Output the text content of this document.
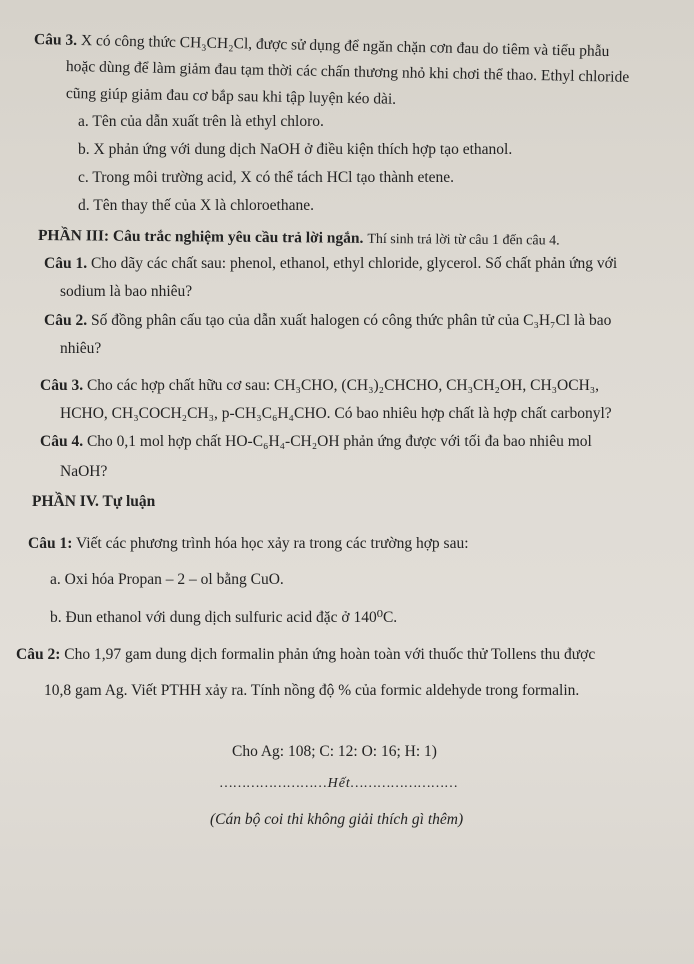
Câu 3. X có công thức CH₃CH₂Cl, được sử dụng để ngăn chặn cơn đau do tiêm và tiểu phẫu
hoặc dùng để làm giảm đau tạm thời các chấn thương nhỏ khi chơi thể thao. Ethyl chloride
cũng giúp giảm đau cơ bắp sau khi tập luyện kéo dài.
a. Tên của dẫn xuất trên là ethyl chloro.
b. X phản ứng với dung dịch NaOH ở điều kiện thích hợp tạo ethanol.
c. Trong môi trường acid, X có thể tách HCl tạo thành etene.
d. Tên thay thế của X là chloroethane.
PHẦN III: Câu trắc nghiệm yêu cầu trả lời ngắn. Thí sinh trả lời từ câu 1 đến câu 4.
Câu 1. Cho dãy các chất sau: phenol, ethanol, ethyl chloride, glycerol. Số chất phản ứng với
sodium là bao nhiêu?
Câu 2. Số đồng phân cấu tạo của dẫn xuất halogen có công thức phân tử của C₃H₇Cl là bao
nhiêu?
Câu 3. Cho các hợp chất hữu cơ sau: CH₃CHO, (CH₃)₂CHCHO, CH₃CH₂OH, CH₃OCH₃,
HCHO, CH₃COCH₂CH₃, p-CH₃C₆H₄CHO. Có bao nhiêu hợp chất là hợp chất carbonyl?
Câu 4. Cho 0,1 mol hợp chất HO-C₆H₄-CH₂OH phản ứng được với tối đa bao nhiêu mol
NaOH?
PHẦN IV. Tự luận
Câu 1: Viết các phương trình hóa học xảy ra trong các trường hợp sau:
a. Oxi hóa Propan – 2 – ol bằng CuO.
b. Đun ethanol với dung dịch sulfuric acid đặc ở 140⁰C.
Câu 2: Cho 1,97 gam dung dịch formalin phản ứng hoàn toàn với thuốc thử Tollens thu được
10,8 gam Ag. Viết PTHH xảy ra. Tính nồng độ % của formic aldehyde trong formalin.
Cho Ag: 108; C: 12: O: 16; H: 1)
……………………Hết……………………
(Cán bộ coi thi không giải thích gì thêm)
